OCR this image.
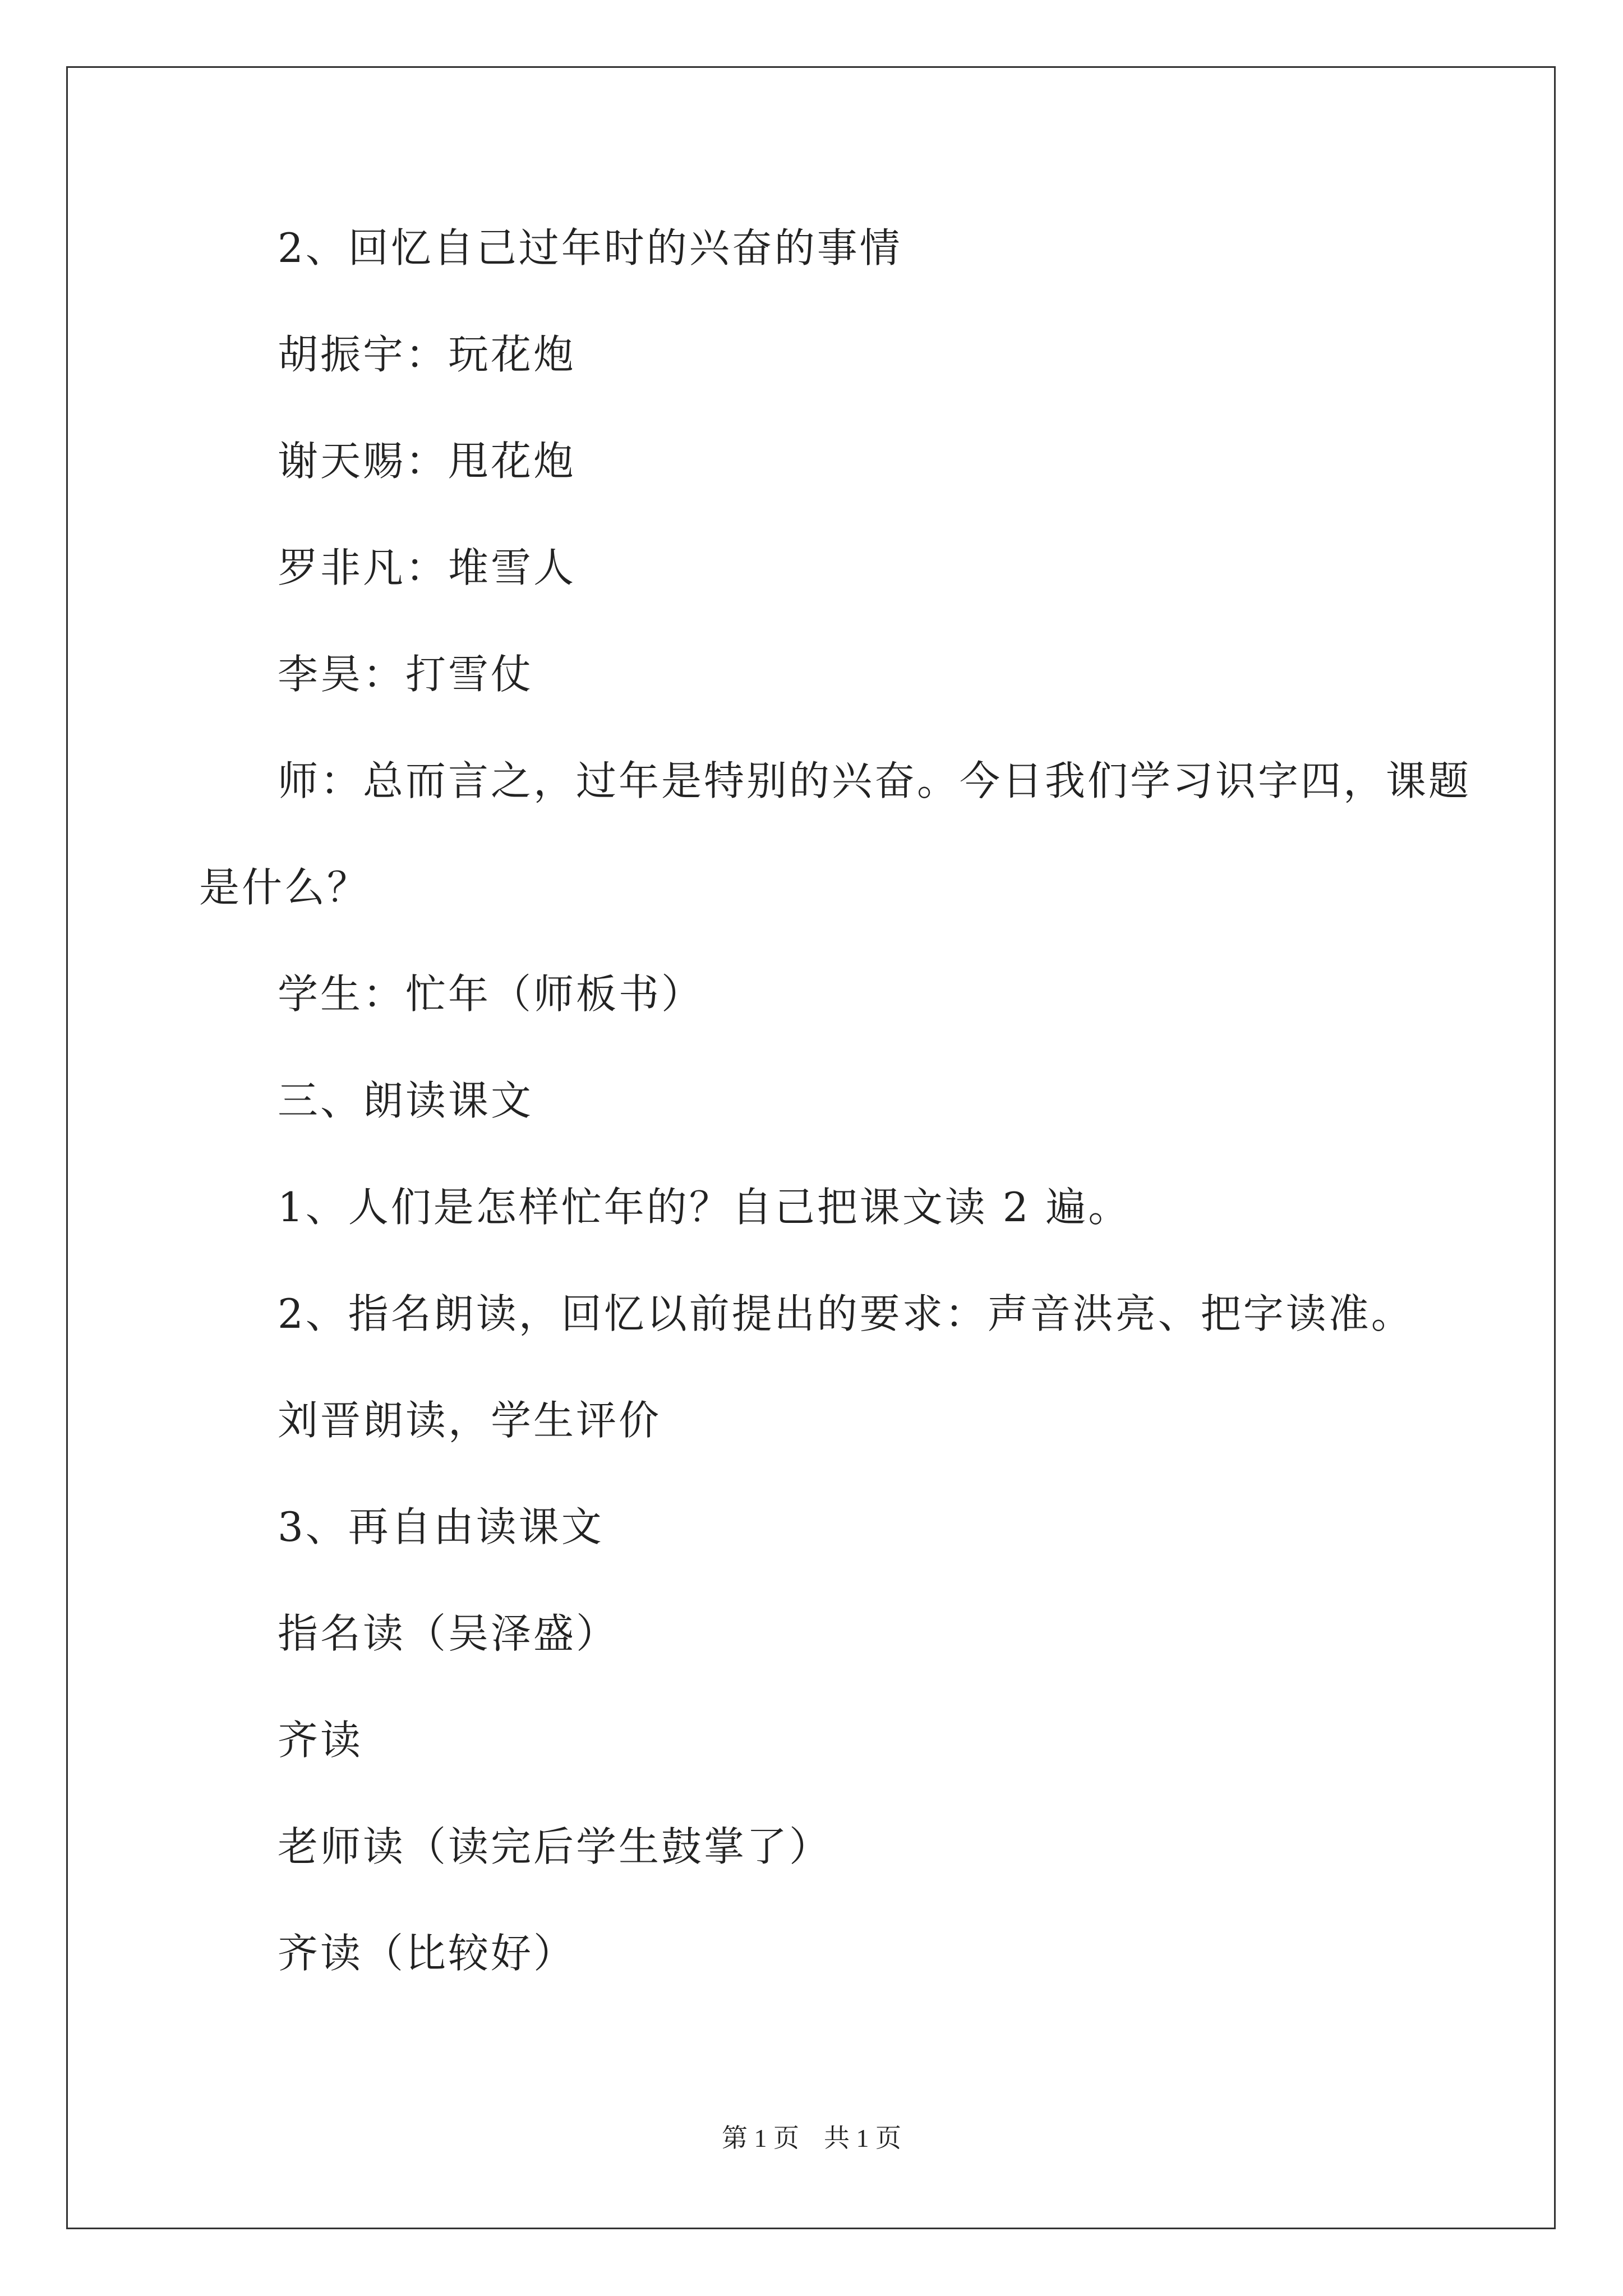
2、回忆自己过年时的兴奋的事情
胡振宇：玩花炮
谢天赐：甩花炮
罗非凡：堆雪人
李昊：打雪仗
师：总而言之，过年是特别的兴奋。今日我们学习识字四，课题
是什么？
学生：忙年（师板书）
三、朗读课文
1、人们是怎样忙年的？自己把课文读 2 遍。
2、指名朗读，回忆以前提出的要求：声音洪亮、把字读准。
刘晋朗读，学生评价
3、再自由读课文
指名读（吴泽盛）
齐读
老师读（读完后学生鼓掌了）
齐读（比较好）
第 1 页 共 1 页
